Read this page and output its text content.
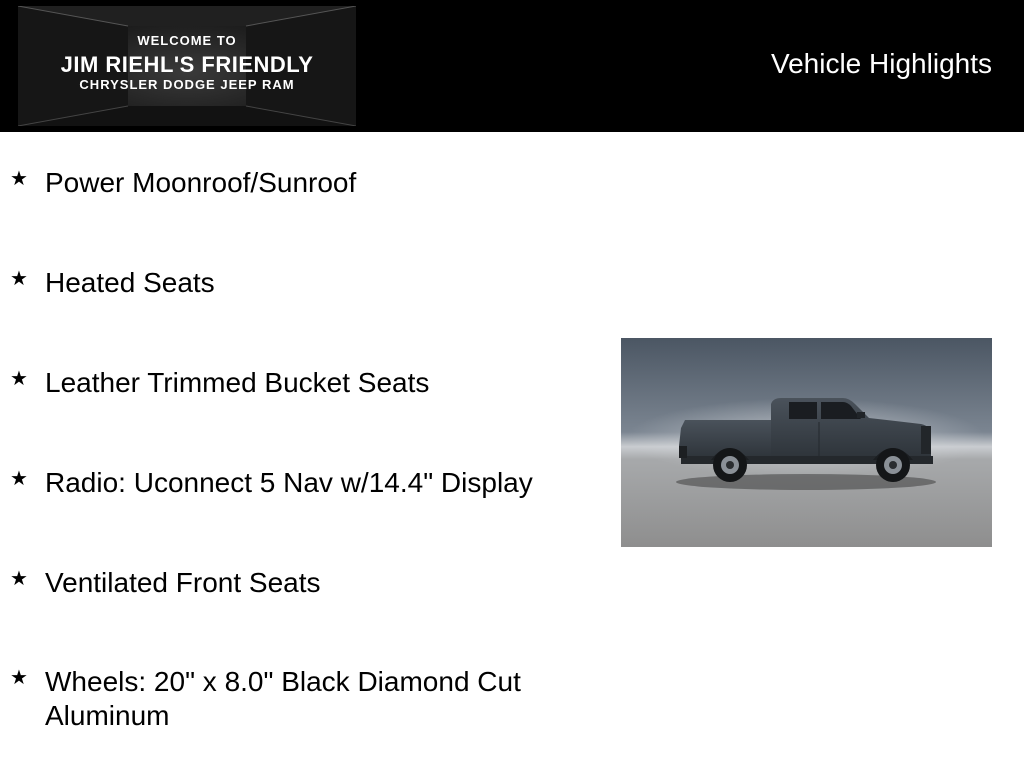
WELCOME TO
JIM RIEHL'S FRIENDLY
CHRYSLER DODGE JEEP RAM
Vehicle Highlights
★ Power Moonroof/Sunroof
★ Heated Seats
★ Leather Trimmed Bucket Seats
★ Radio: Uconnect 5 Nav w/14.4" Display
★ Ventilated Front Seats
★ Wheels: 20" x 8.0" Black Diamond Cut Aluminum
